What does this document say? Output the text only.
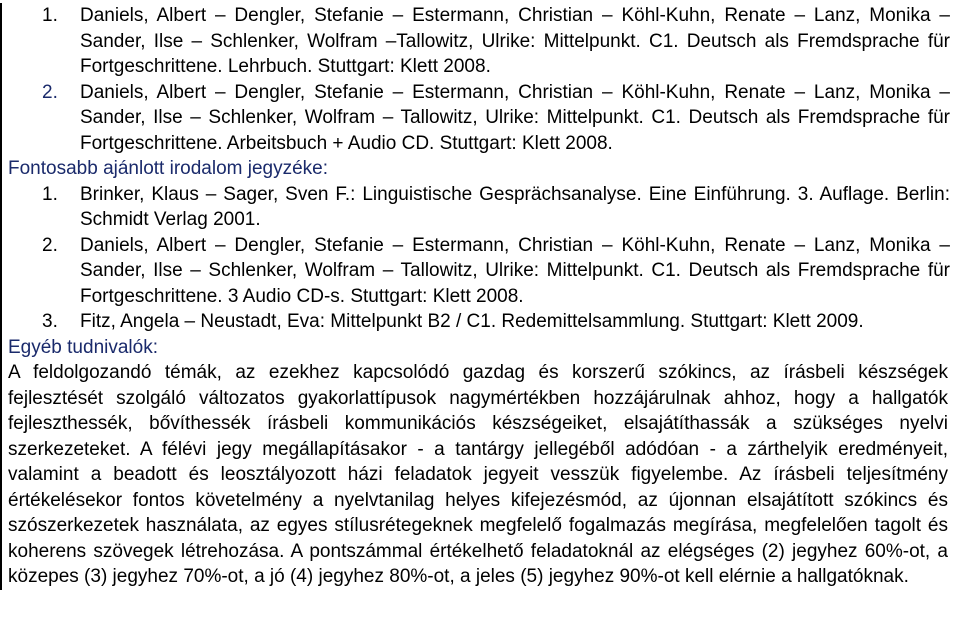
1. Daniels, Albert – Dengler, Stefanie – Estermann, Christian – Köhl-Kuhn, Renate – Lanz, Monika – Sander, Ilse – Schlenker, Wolfram –Tallowitz, Ulrike: Mittelpunkt. C1. Deutsch als Fremdsprache für Fortgeschrittene. Lehrbuch. Stuttgart: Klett 2008.
2. Daniels, Albert – Dengler, Stefanie – Estermann, Christian – Köhl-Kuhn, Renate – Lanz, Monika – Sander, Ilse – Schlenker, Wolfram – Tallowitz, Ulrike: Mittelpunkt. C1. Deutsch als Fremdsprache für Fortgeschrittene. Arbeitsbuch + Audio CD. Stuttgart: Klett 2008.
Fontosabb ajánlott irodalom jegyzéke:
1. Brinker, Klaus – Sager, Sven F.: Linguistische Gesprächsanalyse. Eine Einführung. 3. Auflage. Berlin: Schmidt Verlag 2001.
2. Daniels, Albert – Dengler, Stefanie – Estermann, Christian – Köhl-Kuhn, Renate – Lanz, Monika – Sander, Ilse – Schlenker, Wolfram – Tallowitz, Ulrike: Mittelpunkt. C1. Deutsch als Fremdsprache für Fortgeschrittene. 3 Audio CD-s. Stuttgart: Klett 2008.
3. Fitz, Angela – Neustadt, Eva: Mittelpunkt B2 / C1. Redemittelsammlung. Stuttgart: Klett 2009.
Egyéb tudnivalók:
A feldolgozandó témák, az ezekhez kapcsolódó gazdag és korszerű szókincs, az írásbeli készségek fejlesztését szolgáló változatos gyakorlattípusok nagymértékben hozzájárulnak ahhoz, hogy a hallgatók fejleszthessék, bővíthessék írásbeli kommunikációs készségeiket, elsajátíthassák a szükséges nyelvi szerkezeteket. A félévi jegy megállapításakor - a tantárgy jellegéből adódóan - a zárthelyik eredményeit, valamint a beadott és leosztályozott házi feladatok jegyeit vesszük figyelembe. Az írásbeli teljesítmény értékelésekor fontos követelmény a nyelvtanilag helyes kifejezésmód, az újonnan elsajátított szókincs és szószerkezetek használata, az egyes stílusrétegeknek megfelelő fogalmazás megírása, megfelelően tagolt és koherens szövegek létrehozása. A pontszámmal értékelhető feladatoknál az elégséges (2) jegyhez 60%-ot, a közepes (3) jegyhez 70%-ot, a jó (4) jegyhez 80%-ot, a jeles (5) jegyhez 90%-ot kell elérnie a hallgatóknak.
